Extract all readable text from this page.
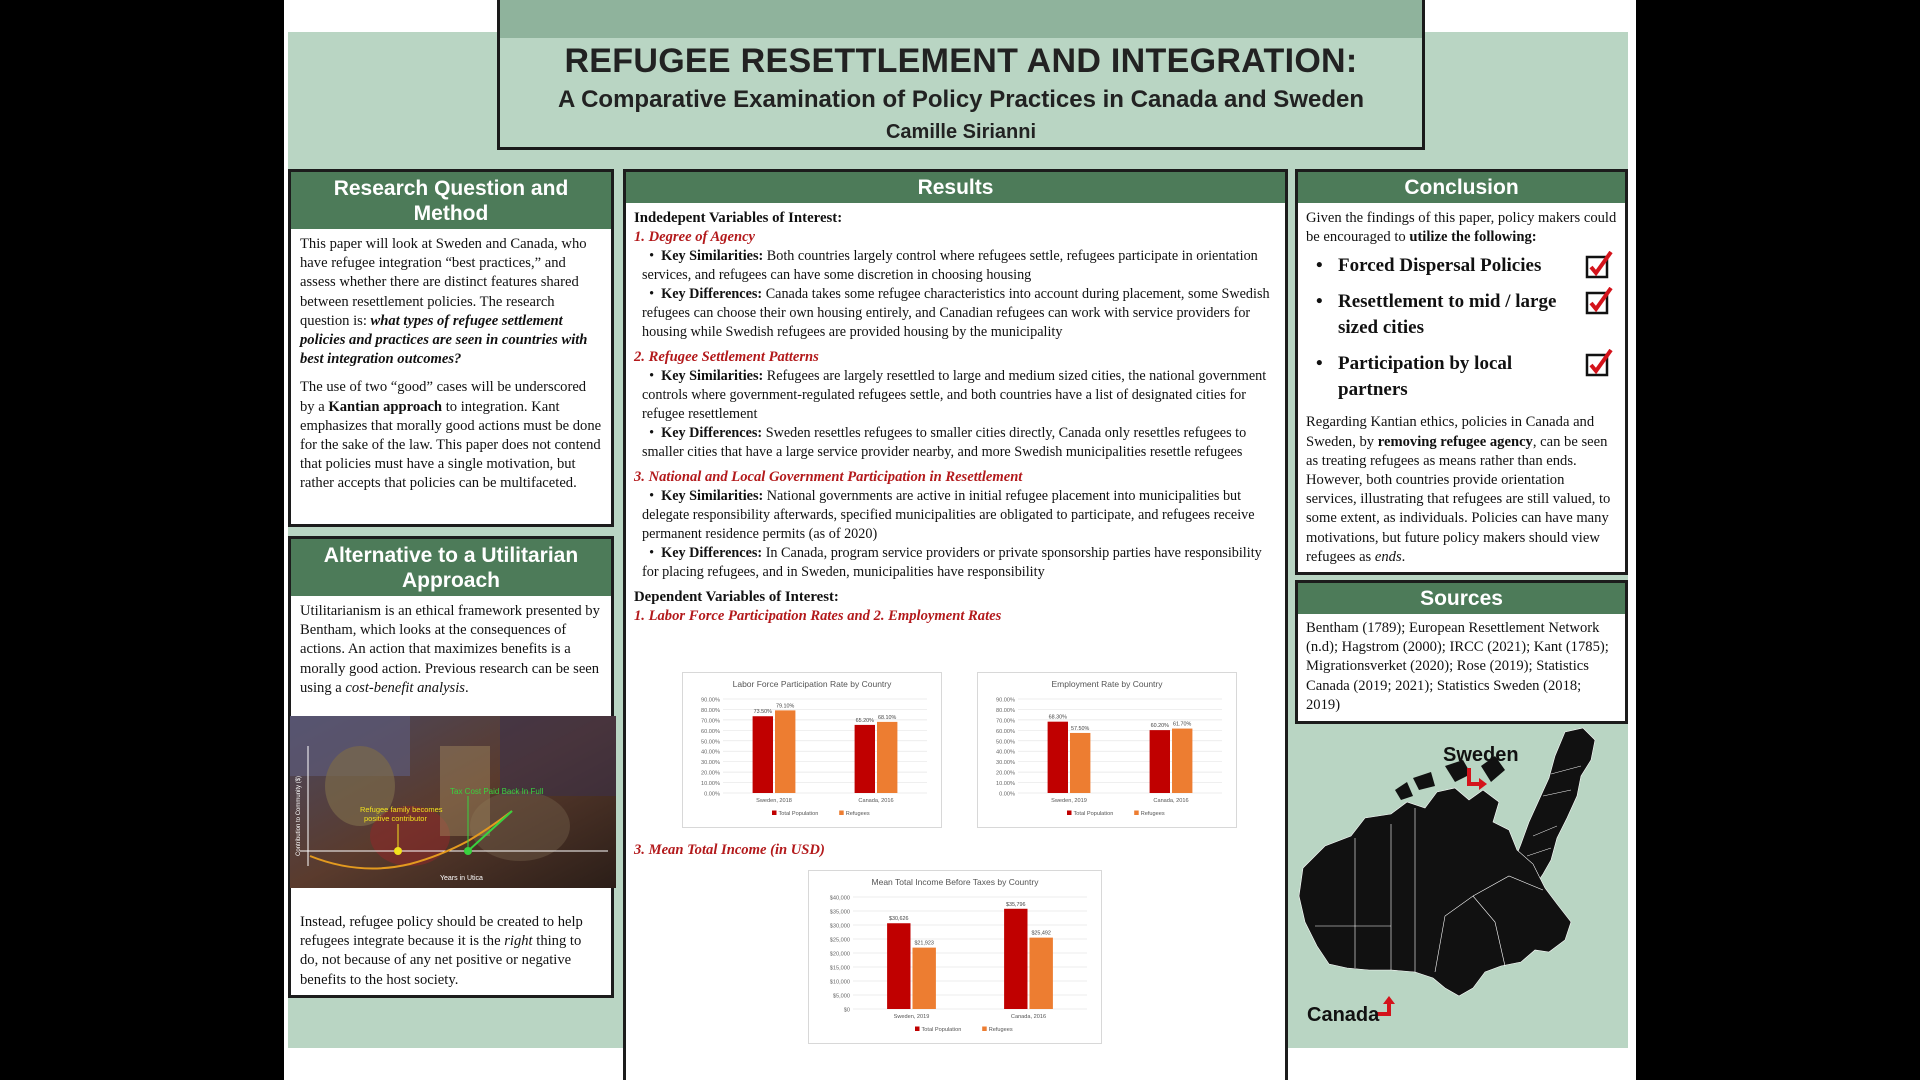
REFUGEE RESETTLEMENT AND INTEGRATION:
A Comparative Examination of Policy Practices in Canada and Sweden
Camille Sirianni
Research Question and
Method

This paper will look at Sweden and Canada, who have refugee integration “best practices,” and assess whether there are distinct features shared between resettlement policies. The research question is: what types of refugee settlement policies and practices are seen in countries with best integration outcomes?

The use of two “good” cases will be underscored by a Kantian approach to integration. Kant emphasizes that morally good actions must be done for the sake of the law. This paper does not contend that policies must have a single motivation, but rather accepts that policies can be multifaceted.

Alternative to a Utilitarian
Approach

Utilitarianism is an ethical framework presented by Bentham, which looks at the consequences of actions. An action that maximizes benefits is a morally good action. Previous research can be seen using a cost-benefit analysis.

Instead, refugee policy should be created to help refugees integrate because it is the right thing to do, not because of any net positive or negative benefits to the host society.

Tax Cost Paid Back In Full
Refugee family becomes
positive contributor
Years in Utica
Contribution to Community ($)
Results
Indedepent Variables of Interest:
1. Degree of Agency
•  Key Similarities: Both countries largely control where refugees settle, refugees participate in orientation services, and refugees can have some discretion in choosing housing
•  Key Differences: Canada takes some refugee characteristics into account during placement, some Swedish refugees can choose their own housing entirely, and Canadian refugees can work with service providers for housing while Swedish refugees are provided housing by the municipality
2. Refugee Settlement Patterns
•  Key Similarities: Refugees are largely resettled to large and medium sized cities, the national government controls where government-regulated refugees settle, and both countries have a list of designated cities for refugee resettlement
•  Key Differences: Sweden resettles refugees to smaller cities directly, Canada only resettles refugees to smaller cities that have a large service provider nearby, and more Swedish municipalities resettle refugees
3. National and Local Government Participation in Resettlement
•  Key Similarities: National governments are active in initial refugee placement into municipalities but delegate responsibility afterwards, specified municipalities are obligated to participate, and refugees receive permanent residence permits (as of 2020)
•  Key Differences: In Canada, program service providers or private sponsorship parties have responsibility for placing refugees, and in Sweden, municipalities have responsibility
Dependent Variables of Interest:
1. Labor Force Participation Rates and 2. Employment Rates
3. Mean Total Income (in USD)
Labor Force Participation Rate by Country
0.00%
10.00%
20.00%
30.00%
40.00%
50.00%
60.00%
70.00%
80.00%
90.00%
73.50%
79.10%
Sweden, 2018
65.20%
68.10%
Canada, 2016
Total Population	Refugees
Employment Rate by Country
0.00%
10.00%
20.00%
30.00%
40.00%
50.00%
60.00%
70.00%
80.00%
90.00%
68.30%
57.50%
Sweden, 2019
60.20% 61.70%
Canada, 2016
Total Population	Refugees
Mean Total Income Before Taxes by Country
$0
$5,000
$10,000
$15,000
$20,000
$25,000
$30,000
$35,000
$40,000
$30,626
$21,923
Sweden, 2019
$35,796
$25,492
Canada, 2016
Total Population	Refugees
Conclusion

Given the findings of this paper, policy makers could be encouraged to utilize the following:

• Forced Dispersal Policies
• Resettlement to mid / large sized cities
• Participation by local partners

Regarding Kantian ethics, policies in Canada and Sweden, by removing refugee agency, can be seen as treating refugees as means rather than ends. However, both countries provide orientation services, illustrating that refugees are still valued, to some extent, as individuals. Policies can have many motivations, but future policy makers should view refugees as ends.

Sources
Bentham (1789); European Resettlement Network (n.d); Hagstrom (2000); IRCC (2021); Kant (1785); Migrationsverket (2020); Rose (2019); Statistics Canada (2019; 2021); Statistics Sweden (2018; 2019)
Sweden
Canada
